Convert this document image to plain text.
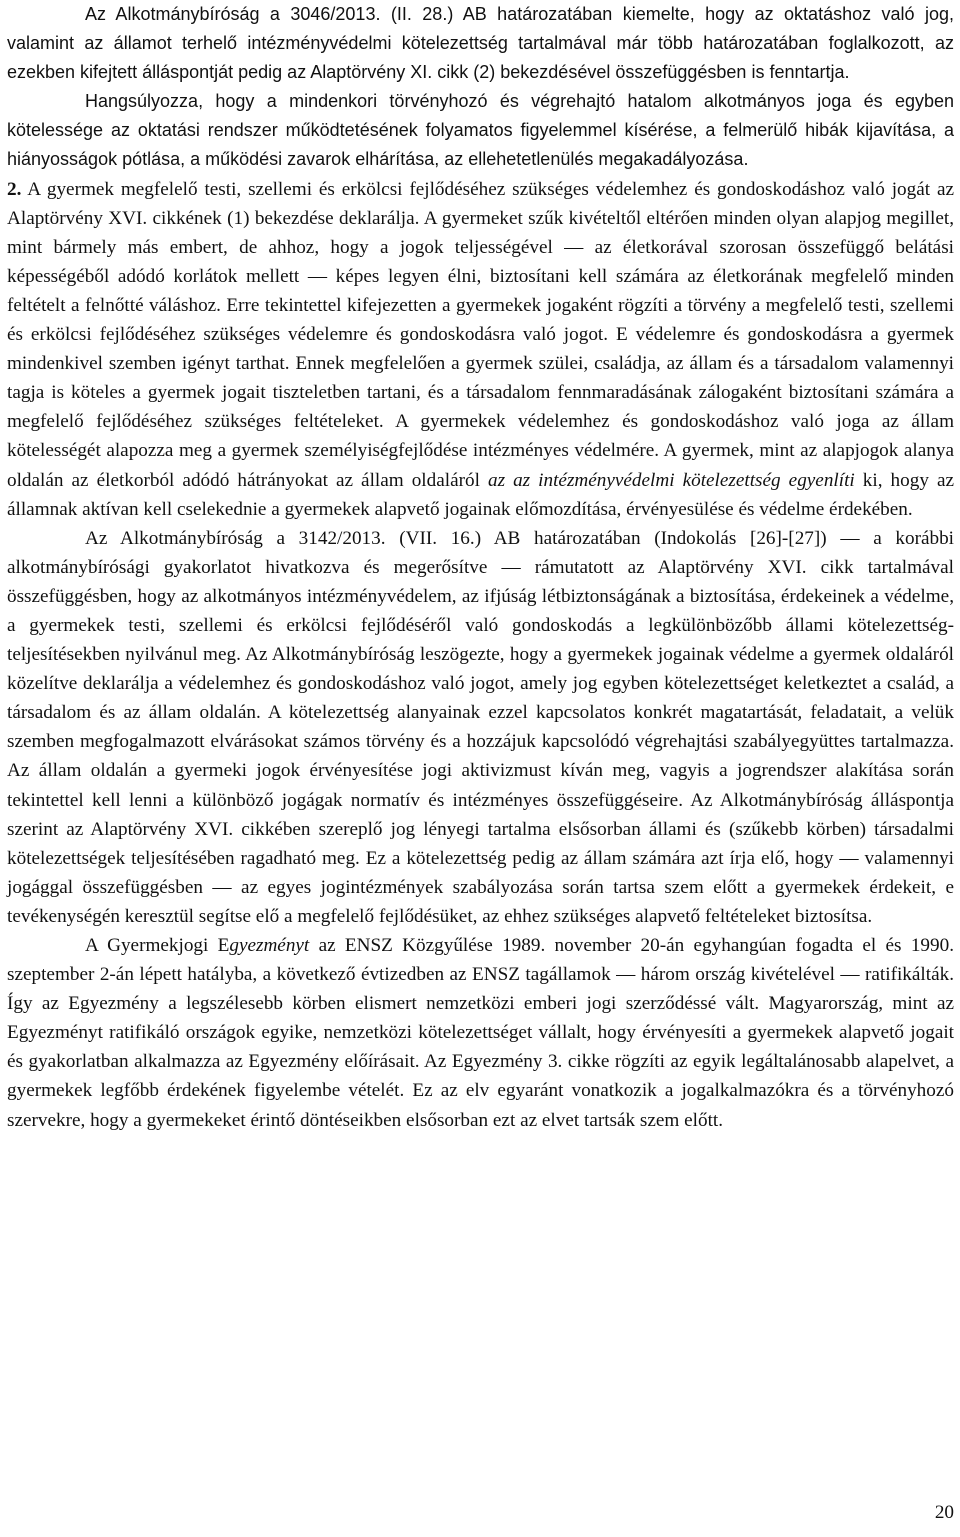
Az Alkotmánybíróság a 3046/2013. (II. 28.) AB határozatában kiemelte, hogy az oktatáshoz való jog, valamint az államot terhelő intézményvédelmi kötelezettség tartalmával már több határozatában foglalkozott, az ezekben kifejtett álláspontját pedig az Alaptörvény XI. cikk (2) bekezdésével összefüggésben is fenntartja.

Hangsúlyozza, hogy a mindenkori törvényhozó és végrehajtó hatalom alkotmányos joga és egyben kötelessége az oktatási rendszer működtetésének folyamatos figyelemmel kísérése, a felmerülő hibák kijavítása, a hiányosságok pótlása, a működési zavarok elhárítása, az ellehetetlenülés megakadályozása.

2. A gyermek megfelelő testi, szellemi és erkölcsi fejlődéséhez szükséges védelemhez és gondoskodáshoz való jogát az Alaptörvény XVI. cikkének (1) bekezdése deklarálja. A gyermeket szűk kivételtől eltérően minden olyan alapjog megillet, mint bármely más embert, de ahhoz, hogy a jogok teljességével — az életkorával szorosan összefüggő belátási képességéből adódó korlátok mellett — képes legyen élni, biztosítani kell számára az életkorának megfelelő minden feltételt a felnőtté váláshoz. Erre tekintettel kifejezetten a gyermekek jogaként rögzíti a törvény a megfelelő testi, szellemi és erkölcsi fejlődéséhez szükséges védelemre és gondoskodásra való jogot. E védelemre és gondoskodásra a gyermek mindenkivel szemben igényt tarthat. Ennek megfelelően a gyermek szülei, családja, az állam és a társadalom valamennyi tagja is köteles a gyermek jogait tiszteletben tartani, és a társadalom fennmaradásának zálogaként biztosítani számára a megfelelő fejlődéséhez szükséges feltételeket. A gyermekek védelemhez és gondoskodáshoz való joga az állam kötelességét alapozza meg a gyermek személyiségfejlődése intézményes védelmére. A gyermek, mint az alapjogok alanya oldalán az életkorból adódó hátrányokat az állam oldaláról az az intézményvédelmi kötelezettség egyenlíti ki, hogy az államnak aktívan kell cselekednie a gyermekek alapvető jogainak előmozdítása, érvényesülése és védelme érdekében.

Az Alkotmánybíróság a 3142/2013. (VII. 16.) AB határozatában (Indokolás [26]-[27]) — a korábbi alkotmánybírósági gyakorlatot hivatkozva és megerősítve — rámutatott az Alaptörvény XVI. cikk tartalmával összefüggésben, hogy az alkotmányos intézményvédelem, az ifjúság létbiztonságának a biztosítása, érdekeinek a védelme, a gyermekek testi, szellemi és erkölcsi fejlődéséről való gondoskodás a legkülönbözőbb állami kötelezettség-teljesítésekben nyilvánul meg. Az Alkotmánybíróság leszögezte, hogy a gyermekek jogainak védelme a gyermek oldaláról közelítve deklarálja a védelemhez és gondoskodáshoz való jogot, amely jog egyben kötelezettséget keletkeztet a család, a társadalom és az állam oldalán. A kötelezettség alanyainak ezzel kapcsolatos konkrét magatartását, feladatait, a velük szemben megfogalmazott elvárásokat számos törvény és a hozzájuk kapcsolódó végrehajtási szabályegyüttes tartalmazza. Az állam oldalán a gyermeki jogok érvényesítése jogi aktivizmust kíván meg, vagyis a jogrendszer alakítása során tekintettel kell lenni a különböző jogágak normatív és intézményes összefüggéseire. Az Alkotmánybíróság álláspontja szerint az Alaptörvény XVI. cikkében szereplő jog lényegi tartalma elsősorban állami és (szűkebb körben) társadalmi kötelezettségek teljesítésében ragadható meg. Ez a kötelezettség pedig az állam számára azt írja elő, hogy — valamennyi jogággal összefüggésben — az egyes jogintézmények szabályozása során tartsa szem előtt a gyermekek érdekeit, e tevékenységén keresztül segítse elő a megfelelő fejlődésüket, az ehhez szükséges alapvető feltételeket biztosítsa.

A Gyermekjogi Egyezményt az ENSZ Közgyűlése 1989. november 20-án egyhangúan fogadta el és 1990. szeptember 2-án lépett hatályba, a következő évtizedben az ENSZ tagállamok — három ország kivételével — ratifikálták. Így az Egyezmény a legszélesebb körben elismert nemzetközi emberi jogi szerződéssé vált. Magyarország, mint az Egyezményt ratifikáló országok egyike, nemzetközi kötelezettséget vállalt, hogy érvényesíti a gyermekek alapvető jogait és gyakorlatban alkalmazza az Egyezmény előírásait. Az Egyezmény 3. cikke rögzíti az egyik legáltalánosabb alapelvet, a gyermekek legfőbb érdekének figyelembe vételét. Ez az elv egyaránt vonatkozik a jogalkalmazókra és a törvényhozó szervekre, hogy a gyermekeket érintő döntéseikben elsősorban ezt az elvet tartsák szem előtt.

20
